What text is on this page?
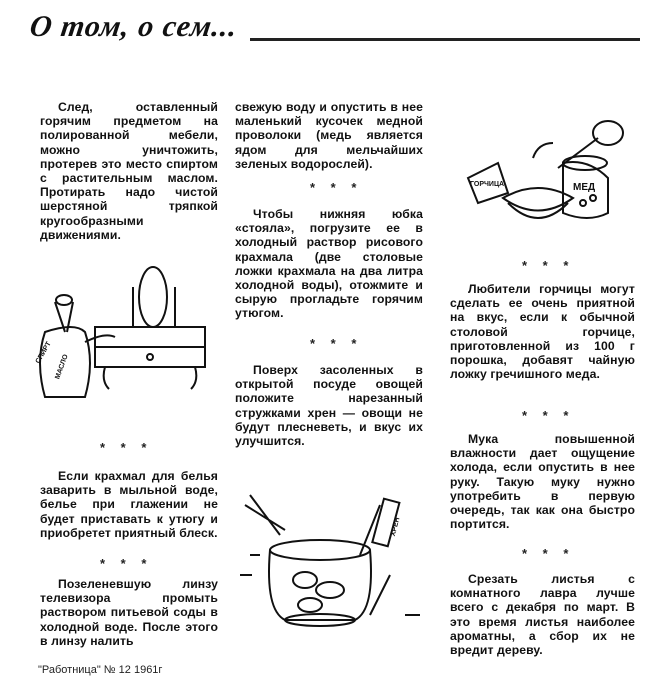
О том, о сем...

След, оставленный горячим предметом на полированной мебели, можно уничтожить, протерев это место спиртом с растительным маслом. Протирать надо чистой шерстяной тряпкой кругообразными движениями.

СПИРТ
МАСЛО
* * *

Если крахмал для белья заварить в мыльной воде, белье при глажении не будет приставать к утюгу и приобретет приятный блеск.

* * *

Позеленевшую линзу телевизора промыть раствором питьевой соды в холодной воде. После этого в линзу налить

свежую воду и опустить в нее маленький кусочек медной проволоки (медь является ядом для мельчайших зеленых водорослей).

* * *

Чтобы нижняя юбка «стояла», погрузите ее в холодный раствор рисового крахмала (две столовые ложки крахмала на два литра холодной воды), отожмите и сырую прогладьте горячим утюгом.

* * *

Поверх засоленных в открытой посуде овощей положите нарезанный стружками хрен — овощи не будут плесневеть, и вкус их улучшится.

ХРЕН
ГОРЧИЦА	МЕД
* * *

Любители горчицы могут сделать ее очень приятной на вкус, если к обычной столовой горчице, приготовленной из 100 г порошка, добавят чайную ложку гречишного меда.

* * *

Мука повышенной влажности дает ощущение холода, если опустить в нее руку. Такую муку нужно употребить в первую очередь, так как она быстро портится.

* * *

Срезать листья с комнатного лавра лучше всего с декабря по март. В это время листья наиболее ароматны, а сбор их не вредит дереву.

"Работница" № 12 1961г
